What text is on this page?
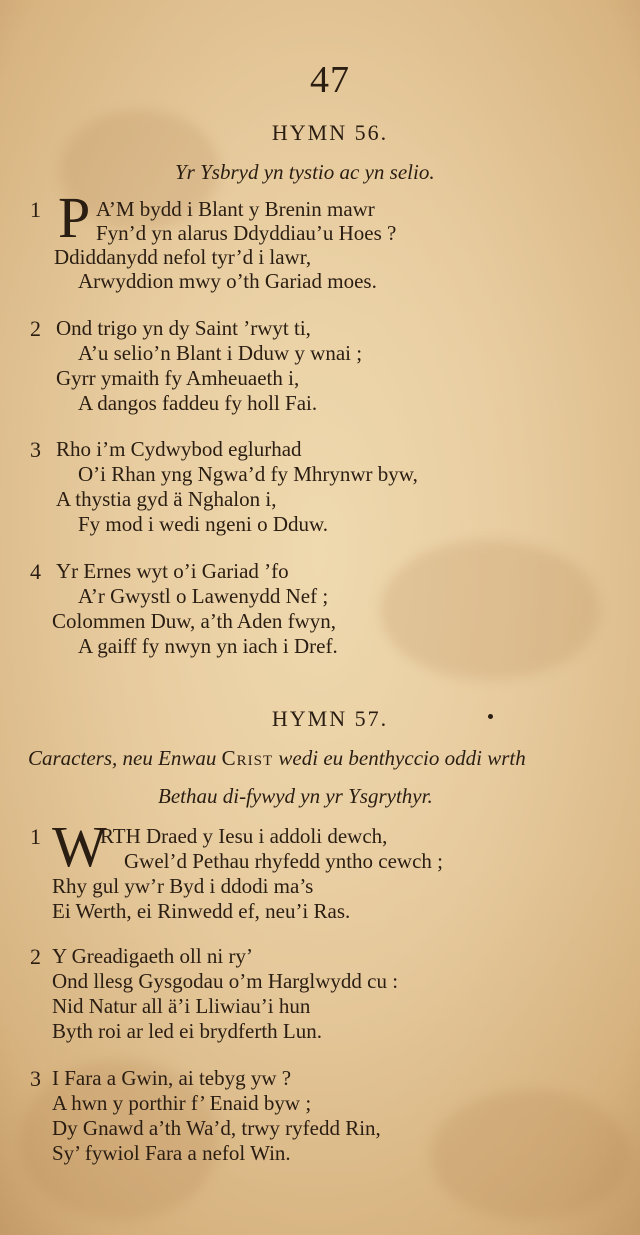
47
HYMN 56.
Yr Ysbryd yn tystio ac yn selio.
1 P A’M bydd i Blant y Brenin mawr
Fyn’d yn alarus Ddyddiau’u Hoes ?
Ddiddanydd nefol tyr’d i lawr,
Arwyddion mwy o’th Gariad moes.
2 Ond trigo yn dy Saint ’rwyt ti,
A’u selio’n Blant i Dduw y wnai ;
Gyrr ymaith fy Amheuaeth i,
A dangos faddeu fy holl Fai.
3 Rho i’m Cydwybod eglurhad
O’i Rhan yng Ngwa’d fy Mhrynwr byw,
A thystia gyd ä Nghalon i,
Fy mod i wedi ngeni o Dduw.
4 Yr Ernes wyt o’i Gariad ’fo
A’r Gwystl o Lawenydd Nef ;
Colommen Duw, a’th Aden fwyn,
A gaiff fy nwyn yn iach i Dref.
HYMN 57.
Caracters, neu Enwau Crist wedi eu benthyccio oddi wrth
Bethau di-fywyd yn yr Ysgrythyr.
1 W
RTH Draed y Iesu i addoli dewch,
Gwel’d Pethau rhyfedd yntho cewch ;
Rhy gul yw’r Byd i ddodi ma’s
Ei Werth, ei Rinwedd ef, neu’i Ras.
2 Y Greadigaeth oll ni ry’
Ond llesg Gysgodau o’m Harglwydd cu :
Nid Natur all ä’i Lliwiau’i hun
Byth roi ar led ei brydferth Lun.
3 I Fara a Gwin, ai tebyg yw ?
A hwn y porthir f’ Enaid byw ;
Dy Gnawd a’th Wa’d, trwy ryfedd Rin,
Sy’ fywiol Fara a nefol Win.
